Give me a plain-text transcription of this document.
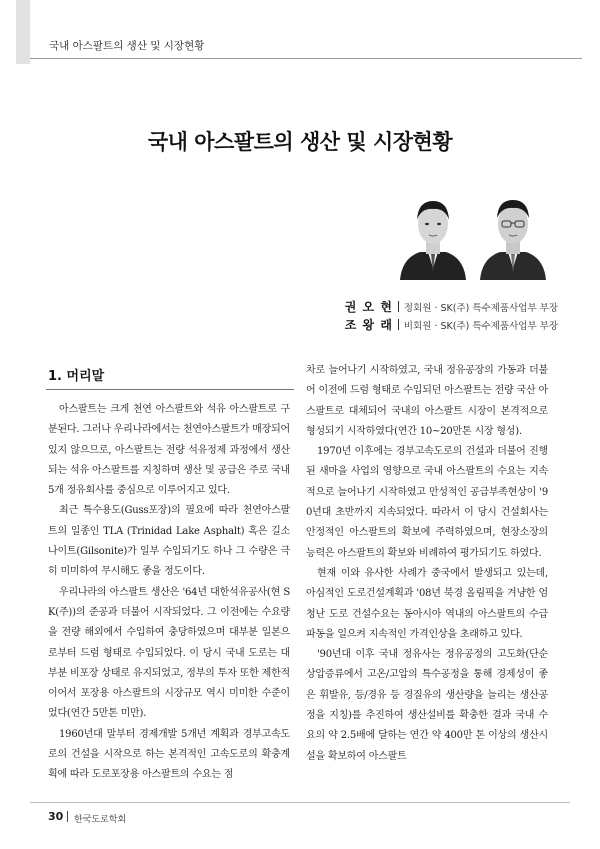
국내 아스팔트의 생산 및 시장현황
국내 아스팔트의 생산 및 시장현황
권 오 현 정회원 · SK(주) 특수제품사업부 부장
조 왕 래 비회원 · SK(주) 특수제품사업부 부장
1. 머리말

아스팔트는 크게 천연 아스팔트와 석유 아스팔트로 구분된다. 그러나 우리나라에서는 천연아스팔트가 매장되어 있지 않으므로, 아스팔트는 전량 석유정제 과정에서 생산되는 석유 아스팔트를 지칭하며 생산 및 공급은 주로 국내 5개 정유회사를 중심으로 이루어지고 있다.

최근 특수용도(Guss포장)의 필요에 따라 천연아스팔트의 일종인 TLA (Trinidad Lake Asphalt) 혹은 길소나이트(Gilsonite)가 일부 수입되기도 하나 그 수량은 극히 미미하여 무시해도 좋을 정도이다.

우리나라의 아스팔트 생산은 '64년 대한석유공사(현 SK(주))의 준공과 더불어 시작되었다. 그 이전에는 수요량을 전량 해외에서 수입하여 충당하였으며 대부분 일본으로부터 드럼 형태로 수입되었다. 이 당시 국내 도로는 대부분 비포장 상태로 유지되었고, 정부의 투자 또한 제한적이어서 포장용 아스팔트의 시장규모 역시 미미한 수준이었다(연간 5만톤 미만).

1960년대 말부터 경제개발 5개년 계획과 경부고속도로의 건설을 시작으로 하는 본격적인 고속도로의 확충계획에 따라 도로포장용 아스팔트의 수요는 점

차로 늘어나기 시작하였고, 국내 정유공장의 가동과 더불어 이전에 드럼 형태로 수입되던 아스팔트는 전량 국산 아스팔트로 대체되어 국내의 아스팔트 시장이 본격적으로 형성되기 시작하였다(연간 10~20만톤 시장 형성).

1970년 이후에는 경부고속도로의 건설과 더불어 진행된 새마을 사업의 영향으로 국내 아스팔트의 수요는 지속적으로 늘어나기 시작하였고 만성적인 공급부족현상이 '90년대 초반까지 지속되었다. 따라서 이 당시 건설회사는 안정적인 아스팔트의 확보에 주력하였으며, 현장소장의 능력은 아스팔트의 확보와 비례하여 평가되기도 하였다.

현재 이와 유사한 사례가 중국에서 발생되고 있는데, 아심적인 도로건설계획과 '08년 북경 올림픽을 겨냥한 엄청난 도로 건설수요는 동아시아 역내의 아스팔트의 수급파동을 일으켜 지속적인 가격인상을 초래하고 있다.

'90년대 이후 국내 정유사는 정유공정의 고도화(단순 상압증류에서 고온/고압의 특수공정을 통해 경제성이 좋은 휘발유, 등/경유 등 경질유의 생산량을 늘리는 생산공정을 지칭)를 추진하여 생산설비를 확충한 결과 국내 수요의 약 2.5배에 달하는 연간 약 400만 톤 이상의 생산시설을 확보하여 아스팔트

30 한국도로학회
